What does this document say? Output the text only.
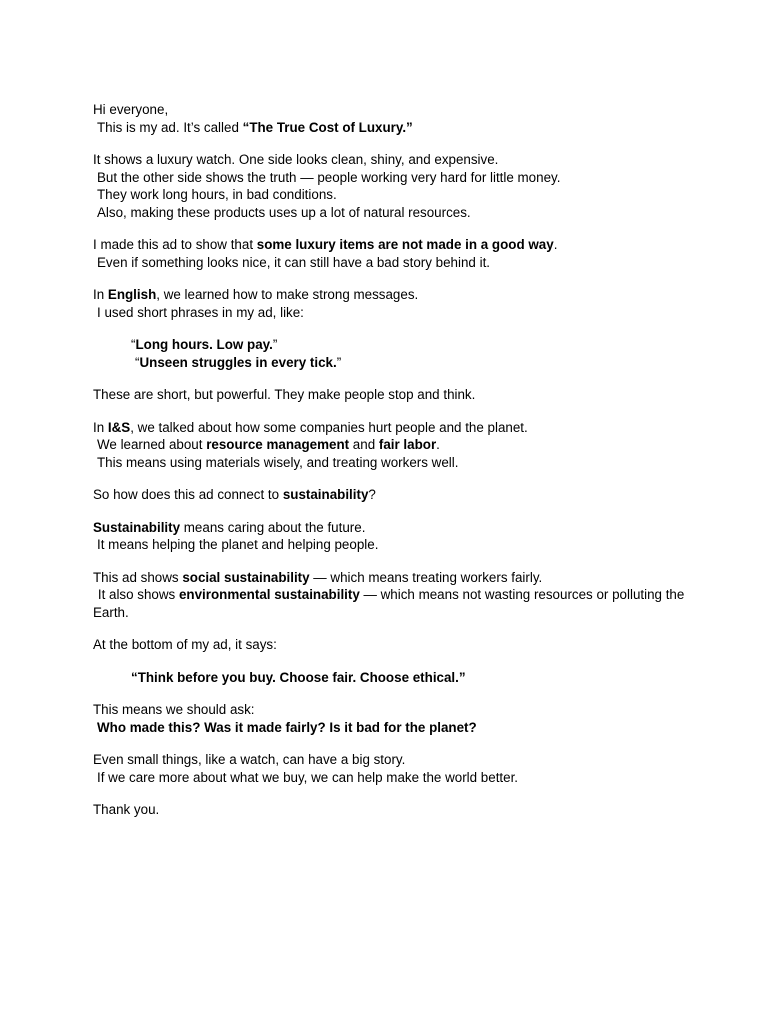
Hi everyone,
This is my ad. It’s called “The True Cost of Luxury.”
It shows a luxury watch. One side looks clean, shiny, and expensive.
But the other side shows the truth — people working very hard for little money.
They work long hours, in bad conditions.
Also, making these products uses up a lot of natural resources.
I made this ad to show that some luxury items are not made in a good way.
Even if something looks nice, it can still have a bad story behind it.
In English, we learned how to make strong messages.
I used short phrases in my ad, like:
“Long hours. Low pay.”
“Unseen struggles in every tick.”
These are short, but powerful. They make people stop and think.
In I&S, we talked about how some companies hurt people and the planet.
We learned about resource management and fair labor.
This means using materials wisely, and treating workers well.
So how does this ad connect to sustainability?
Sustainability means caring about the future.
It means helping the planet and helping people.
This ad shows social sustainability — which means treating workers fairly.
  It also shows environmental sustainability — which means not wasting resources or polluting the Earth.
At the bottom of my ad, it says:
“Think before you buy. Choose fair. Choose ethical.”
This means we should ask:
Who made this? Was it made fairly? Is it bad for the planet?
Even small things, like a watch, can have a big story.
If we care more about what we buy, we can help make the world better.
Thank you.
